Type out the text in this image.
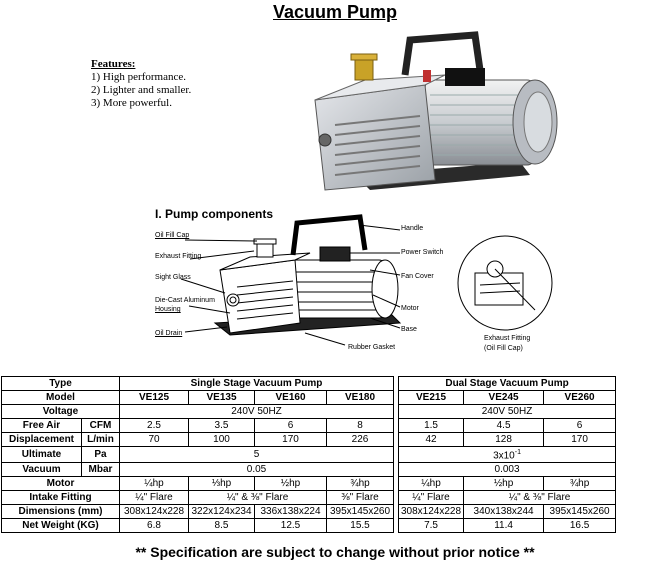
Vacuum Pump
Features:
1) High performance.
2) Lighter and smaller.
3) More powerful.
I. Pump components
Oil Fill Cap
Exhaust Fitting
Sight Glass
Die-Cast Aluminum
Housing
Oil Drain
Handle
Power Switch
Fan Cover
Motor
Base
Rubber Gasket
Exhaust Fitting
(Oil Fill Cap)
Type		Single Stage Vacuum Pump					Dual Stage Vacuum Pump		
Model		VE125	VE135	VE160	VE180		VE215	VE245	VE260
Voltage		240V 50HZ					240V 50HZ		
Free Air	CFM	2.5	3.5	6	8		1.5	4.5	6
Displacement	L/min	70	100	170	226		42	128	170
Ultimate	Pa	5					$3x10^{-1}$
Vacuum	Mbar	0.05					0.003		
Motor		¼hp	⅓hp	½hp	¾hp		¼hp	½hp	¾hp
Intake Fitting		¼" Flare	¼" & ⅜" Flare		⅜" Flare		¼" Flare	¼" & ⅜" Flare	
Dimensions (mm)		308x124x228	322x124x234	336x138x224	395x145x260		308x124x228	340x138x244	395x145x260
Net Weight (KG)		6.8	8.5	12.5	15.5		7.5	11.4	16.5
** Specification are subject to change without prior notice **
